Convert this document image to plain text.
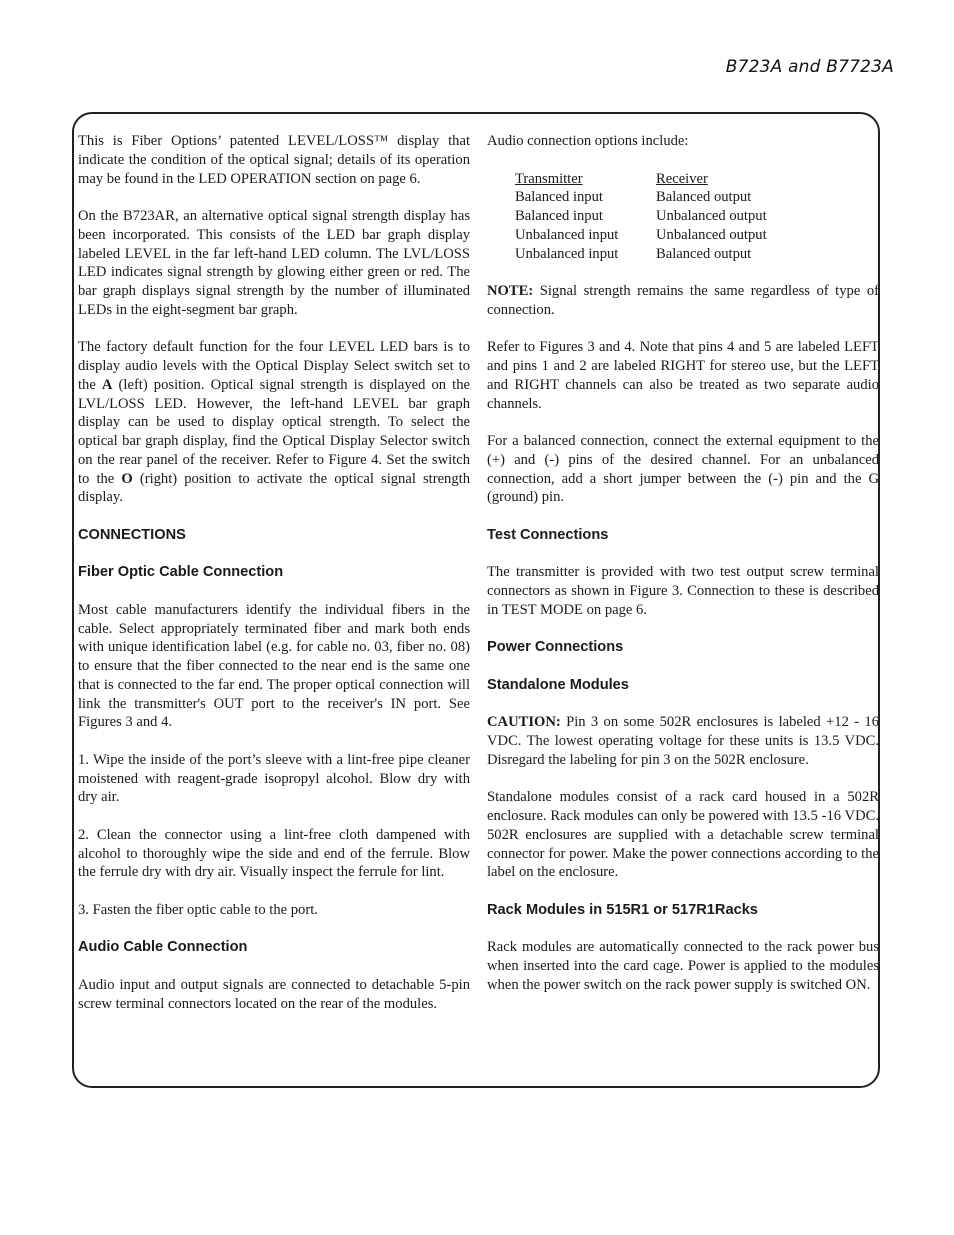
B723A and B7723A

This is Fiber Options’ patented LEVEL/LOSS™ display that indicate the condition of the optical signal; details of its operation may be found in the LED OPERATION section on page 6.

On the B723AR, an alternative optical signal strength display has been incorporated. This consists of the LED bar graph display labeled LEVEL in the far left-hand LED column. The LVL/LOSS LED indicates signal strength by glowing either green or red. The bar graph displays signal strength by the number of illuminated LEDs in the eight-segment bar graph.

The factory default function for the four LEVEL LED bars is to display audio levels with the Optical Display Select switch set to the A (left) position. Optical signal strength is displayed on the LVL/LOSS LED. However, the left-hand LEVEL bar graph display can be used to display optical strength. To select the optical bar graph display, find the Optical Display Selector switch on the rear panel of the receiver. Refer to Figure 4. Set the switch to the O (right) position to activate the optical signal strength display.

CONNECTIONS
Fiber Optic Cable Connection

Most cable manufacturers identify the individual fibers in the cable. Select appropriately terminated fiber and mark both ends with unique identification label (e.g. for cable no. 03, fiber no. 08) to ensure that the fiber connected to the near end is the same one that is connected to the far end. The proper optical connection will link the transmitter's OUT port to the receiver's IN port. See Figures 3 and 4.

1. Wipe the inside of the port’s sleeve with a lint-free pipe cleaner moistened with reagent-grade isopropyl alcohol. Blow dry with dry air.

2. Clean the connector using a lint-free cloth dampened with alcohol to thoroughly wipe the side and end of the ferrule. Blow the ferrule dry with dry air. Visually inspect the ferrule for lint.

3. Fasten the fiber optic cable to the port.

Audio Cable Connection

Audio input and output signals are connected to detachable 5-pin screw terminal connectors located on the rear of the modules.

Audio connection options include:

Transmitter	Receiver
Balanced input	Balanced output
Balanced input	Unbalanced output
Unbalanced input	Unbalanced output
Unbalanced input	Balanced output

NOTE: Signal strength remains the same regardless of type of connection.

Refer to Figures 3 and 4. Note that pins 4 and 5 are labeled LEFT and pins 1 and 2 are labeled RIGHT for stereo use, but the LEFT and RIGHT channels can also be treated as two separate audio channels.

For a balanced connection, connect the external equipment to the (+) and (-) pins of the desired channel. For an unbalanced connection, add a short jumper between the (-) pin and the G (ground) pin.

Test Connections

The transmitter is provided with two test output screw terminal connectors as shown in Figure 3. Connection to these is described in TEST MODE on page 6.

Power Connections
Standalone Modules

CAUTION: Pin 3 on some 502R enclosures is labeled +12 - 16 VDC. The lowest operating voltage for these units is 13.5 VDC. Disregard the labeling for pin 3 on the 502R enclosure.

Standalone modules consist of a rack card housed in a 502R enclosure. Rack modules can only be powered with 13.5 -16 VDC. 502R enclosures are supplied with a detachable screw terminal connector for power. Make the power connections according to the label on the enclosure.

Rack Modules in 515R1 or 517R1Racks

Rack modules are automatically connected to the rack power bus when inserted into the card cage. Power is applied to the modules when the power switch on the rack power supply is switched ON.
